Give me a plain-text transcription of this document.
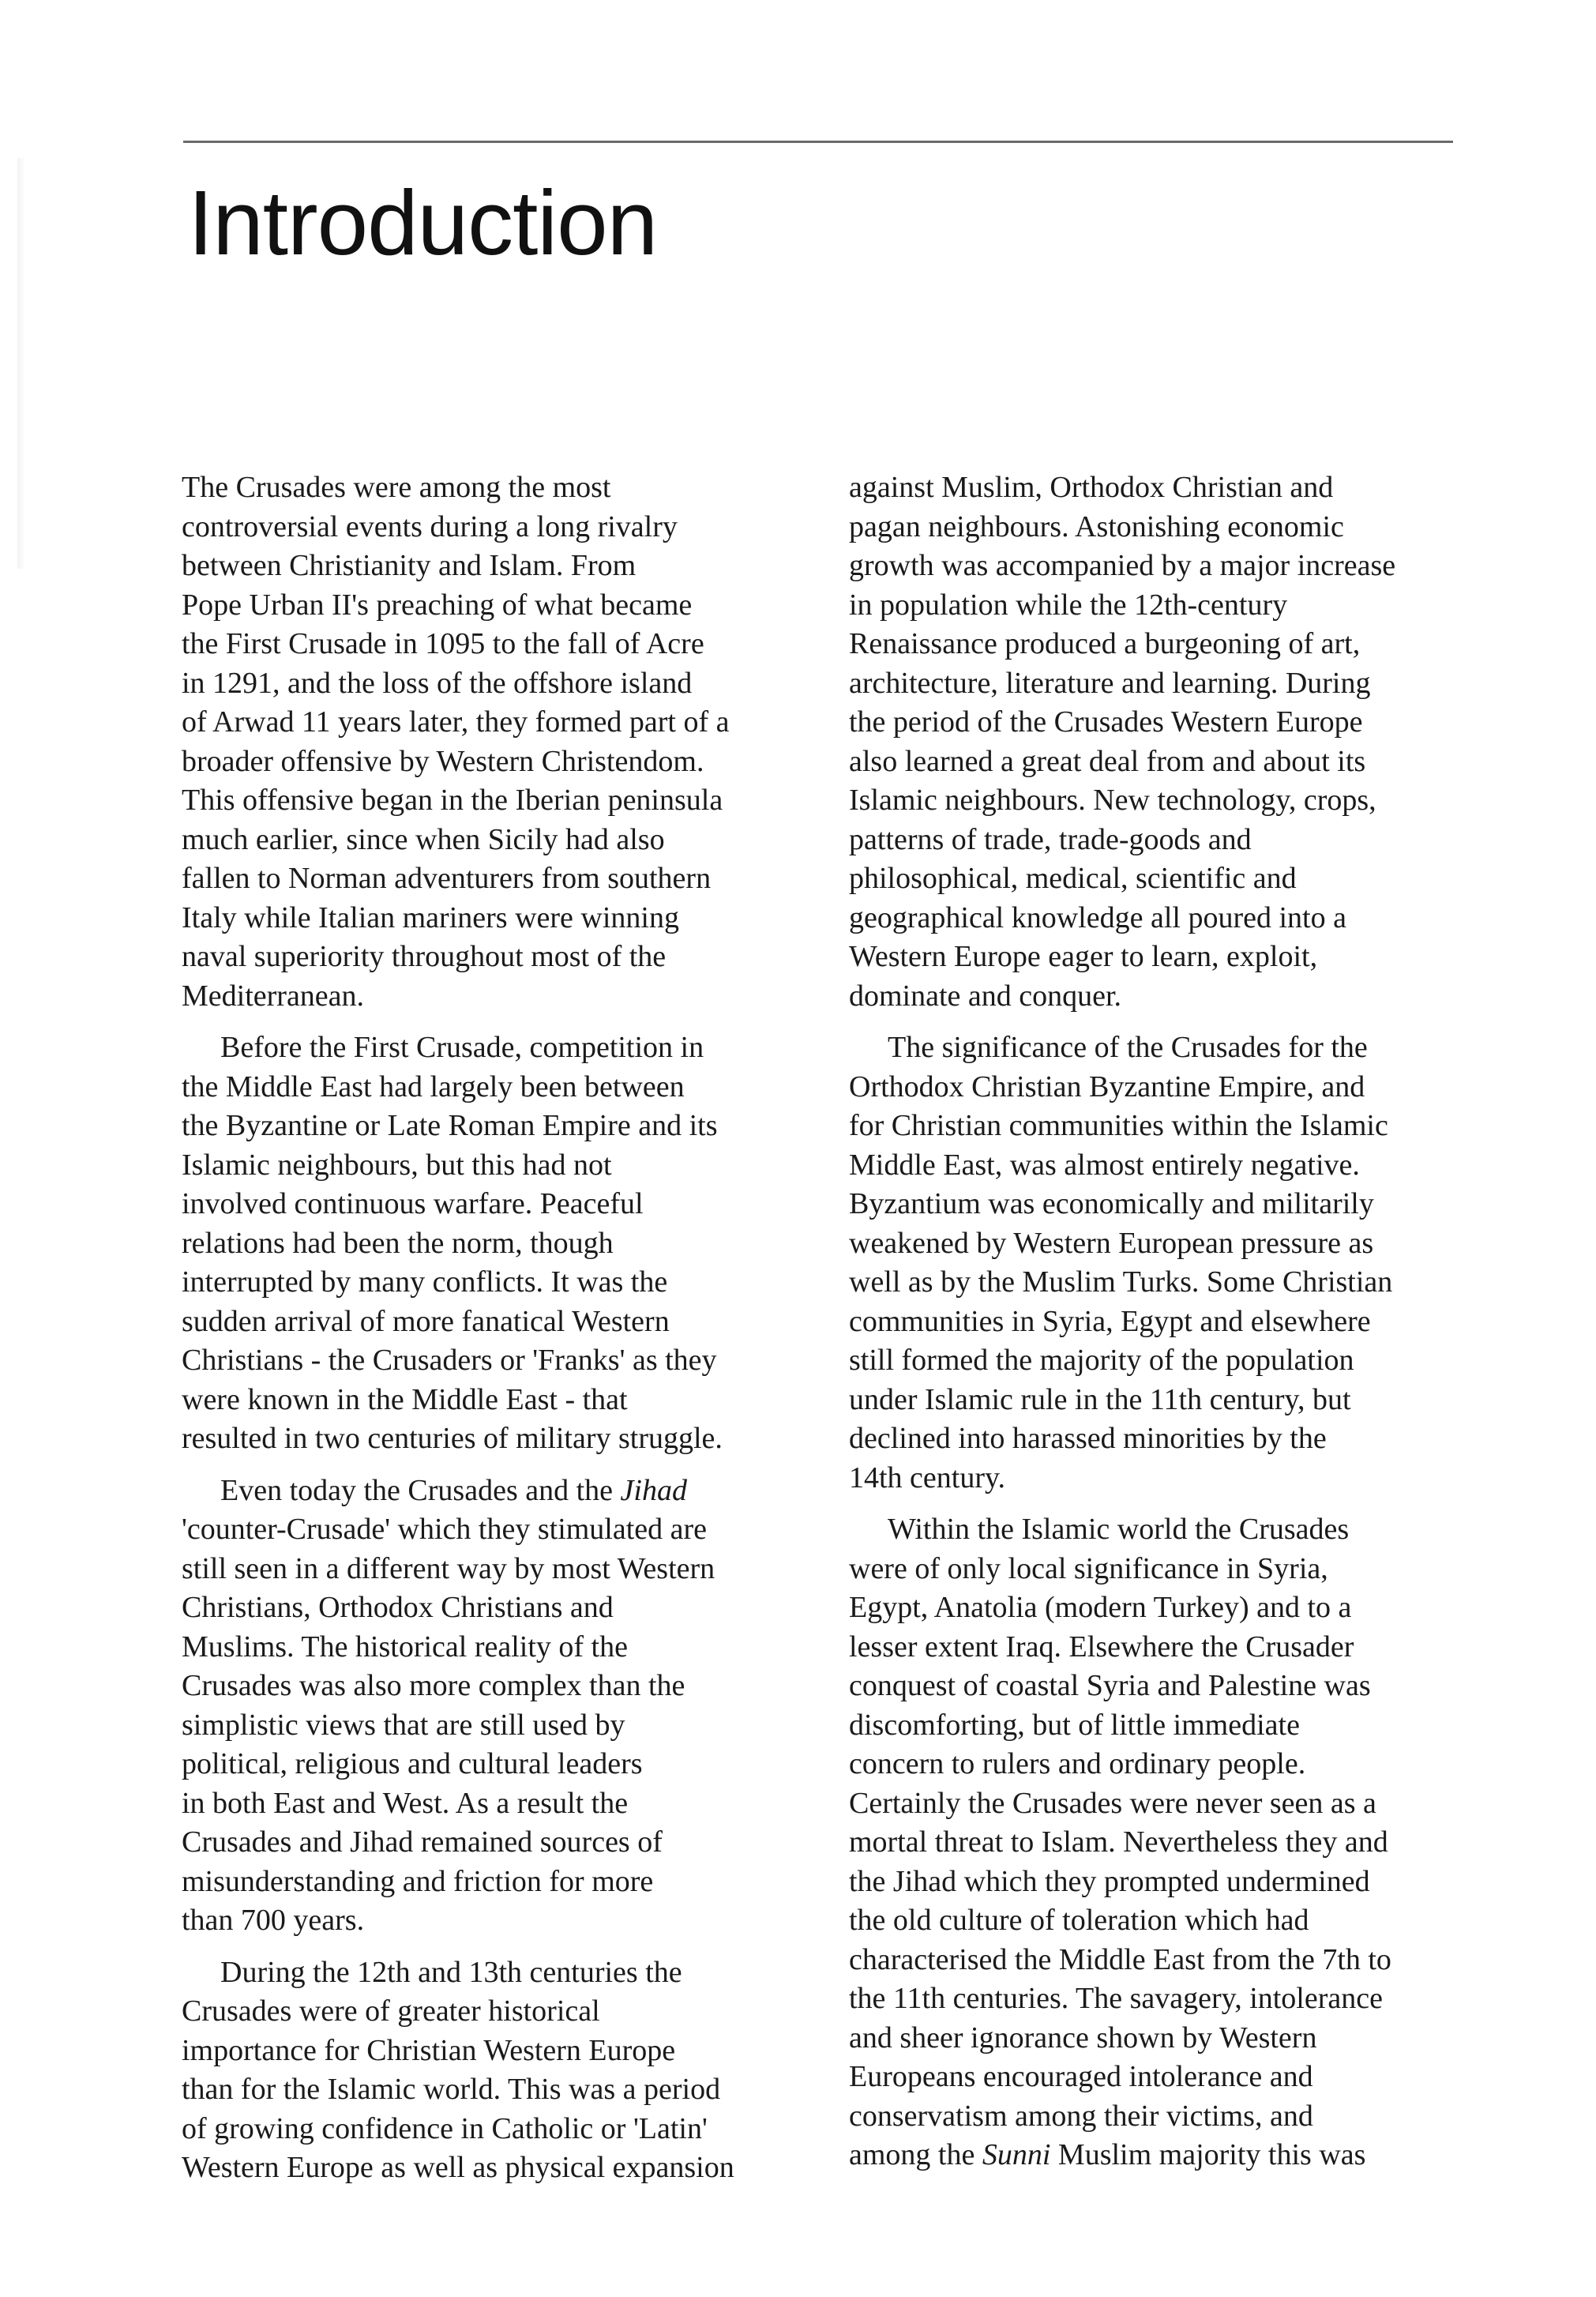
Introduction

The Crusades were among the most
controversial events during a long rivalry
between Christianity and Islam. From
Pope Urban II's preaching of what became
the First Crusade in 1095 to the fall of Acre
in 1291, and the loss of the offshore island
of Arwad 11 years later, they formed part of a
broader offensive by Western Christendom.
This offensive began in the Iberian peninsula
much earlier, since when Sicily had also
fallen to Norman adventurers from southern
Italy while Italian mariners were winning
naval superiority throughout most of the
Mediterranean.

Before the First Crusade, competition in
the Middle East had largely been between
the Byzantine or Late Roman Empire and its
Islamic neighbours, but this had not
involved continuous warfare. Peaceful
relations had been the norm, though
interrupted by many conflicts. It was the
sudden arrival of more fanatical Western
Christians - the Crusaders or 'Franks' as they
were known in the Middle East - that
resulted in two centuries of military struggle.

Even today the Crusades and the Jihad
'counter-Crusade' which they stimulated are
still seen in a different way by most Western
Christians, Orthodox Christians and
Muslims. The historical reality of the
Crusades was also more complex than the
simplistic views that are still used by
political, religious and cultural leaders
in both East and West. As a result the
Crusades and Jihad remained sources of
misunderstanding and friction for more
than 700 years.

During the 12th and 13th centuries the
Crusades were of greater historical
importance for Christian Western Europe
than for the Islamic world. This was a period
of growing confidence in Catholic or 'Latin'
Western Europe as well as physical expansion

against Muslim, Orthodox Christian and
pagan neighbours. Astonishing economic
growth was accompanied by a major increase
in population while the 12th-century
Renaissance produced a burgeoning of art,
architecture, literature and learning. During
the period of the Crusades Western Europe
also learned a great deal from and about its
Islamic neighbours. New technology, crops,
patterns of trade, trade-goods and
philosophical, medical, scientific and
geographical knowledge all poured into a
Western Europe eager to learn, exploit,
dominate and conquer.

The significance of the Crusades for the
Orthodox Christian Byzantine Empire, and
for Christian communities within the Islamic
Middle East, was almost entirely negative.
Byzantium was economically and militarily
weakened by Western European pressure as
well as by the Muslim Turks. Some Christian
communities in Syria, Egypt and elsewhere
still formed the majority of the population
under Islamic rule in the 11th century, but
declined into harassed minorities by the
14th century.

Within the Islamic world the Crusades
were of only local significance in Syria,
Egypt, Anatolia (modern Turkey) and to a
lesser extent Iraq. Elsewhere the Crusader
conquest of coastal Syria and Palestine was
discomforting, but of little immediate
concern to rulers and ordinary people.
Certainly the Crusades were never seen as a
mortal threat to Islam. Nevertheless they and
the Jihad which they prompted undermined
the old culture of toleration which had
characterised the Middle East from the 7th to
the 11th centuries. The savagery, intolerance
and sheer ignorance shown by Western
Europeans encouraged intolerance and
conservatism among their victims, and
among the Sunni Muslim majority this was
